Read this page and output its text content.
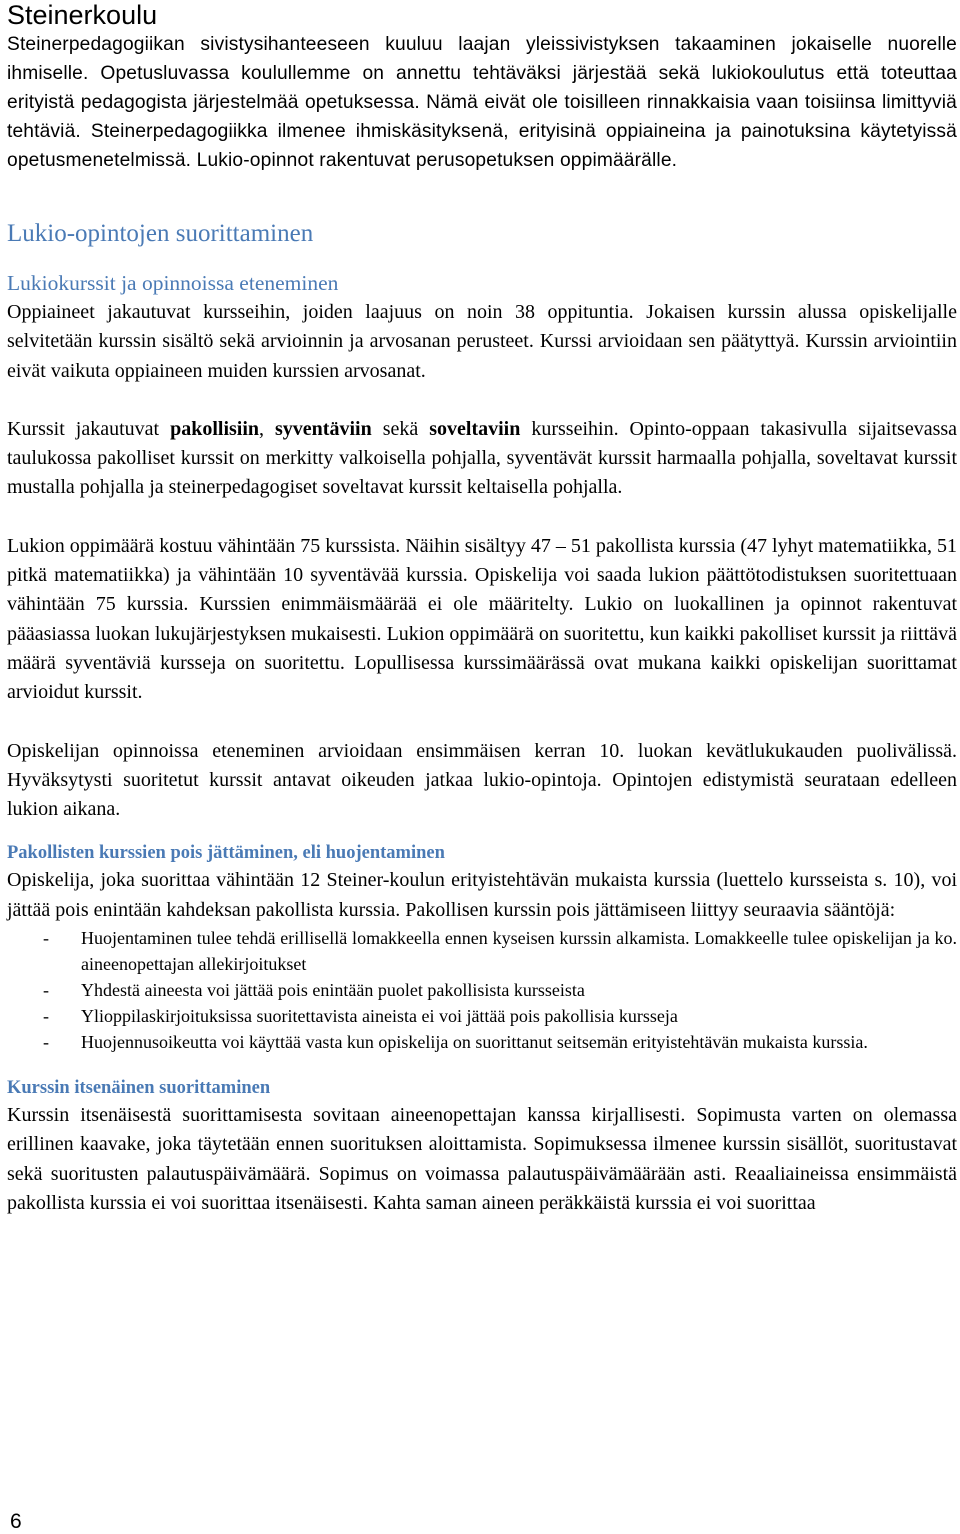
Steinerkoulu

Steinerpedagogiikan sivistysihanteeseen kuuluu laajan yleissivistyksen takaaminen jokaiselle nuorelle ihmiselle. Opetusluvassa koulullemme on annettu tehtäväksi järjestää sekä lukiokoulutus että toteuttaa erityistä pedagogista järjestelmää opetuksessa. Nämä eivät ole toisilleen rinnakkaisia vaan toisiinsa limittyviä tehtäviä. Steinerpedagogiikka ilmenee ihmiskäsityksenä, erityisinä oppiaineina ja painotuksina käytetyissä opetusmenetelmissä. Lukio-opinnot rakentuvat perusopetuksen oppimäärälle.

Lukio-opintojen suorittaminen
Lukiokurssit ja opinnoissa eteneminen

Oppiaineet jakautuvat kursseihin, joiden laajuus on noin 38 oppituntia. Jokaisen kurssin alussa opiskelijalle selvitetään kurssin sisältö sekä arvioinnin ja arvosanan perusteet. Kurssi arvioidaan sen päätyttyä. Kurssin arviointiin eivät vaikuta oppiaineen muiden kurssien arvosanat.

Kurssit jakautuvat pakollisiin, syventäviin sekä soveltaviin kursseihin. Opinto-oppaan takasivulla sijaitsevassa taulukossa pakolliset kurssit on merkitty valkoisella pohjalla, syventävät kurssit harmaalla pohjalla, soveltavat kurssit mustalla pohjalla ja steinerpedagogiset soveltavat kurssit keltaisella pohjalla.

Lukion oppimäärä kostuu vähintään 75 kurssista. Näihin sisältyy 47 – 51 pakollista kurssia (47 lyhyt matematiikka, 51 pitkä matematiikka) ja vähintään 10 syventävää kurssia. Opiskelija voi saada lukion päättötodistuksen suoritettuaan vähintään 75 kurssia. Kurssien enimmäismäärää ei ole määritelty. Lukio on luokallinen ja opinnot rakentuvat pääasiassa luokan lukujärjestyksen mukaisesti. Lukion oppimäärä on suoritettu, kun kaikki pakolliset kurssit ja riittävä määrä syventäviä kursseja on suoritettu. Lopullisessa kurssimäärässä ovat mukana kaikki opiskelijan suorittamat arvioidut kurssit.

Opiskelijan opinnoissa eteneminen arvioidaan ensimmäisen kerran 10. luokan kevätlukukauden puolivälissä. Hyväksytysti suoritetut kurssit antavat oikeuden jatkaa lukio-opintoja. Opintojen edistymistä seurataan edelleen lukion aikana.

Pakollisten kurssien pois jättäminen, eli huojentaminen

Opiskelija, joka suorittaa vähintään 12 Steiner-koulun erityistehtävän mukaista kurssia (luettelo kursseista s. 10), voi jättää pois enintään kahdeksan pakollista kurssia. Pakollisen kurssin pois jättämiseen liittyy seuraavia sääntöjä:

- Huojentaminen tulee tehdä erillisellä lomakkeella ennen kyseisen kurssin alkamista. Lomakkeelle tulee opiskelijan ja ko. aineenopettajan allekirjoitukset
- Yhdestä aineesta voi jättää pois enintään puolet pakollisista kursseista
- Ylioppilaskirjoituksissa suoritettavista aineista ei voi jättää pois pakollisia kursseja
- Huojennusoikeutta voi käyttää vasta kun opiskelija on suorittanut seitsemän erityistehtävän mukaista kurssia.
Kurssin itsenäinen suorittaminen

Kurssin itsenäisestä suorittamisesta sovitaan aineenopettajan kanssa kirjallisesti. Sopimusta varten on olemassa erillinen kaavake, joka täytetään ennen suorituksen aloittamista. Sopimuksessa ilmenee kurssin sisällöt, suoritustavat sekä suoritusten palautuspäivämäärä. Sopimus on voimassa palautuspäivämäärään asti. Reaaliaineissa ensimmäistä pakollista kurssia ei voi suorittaa itsenäisesti. Kahta saman aineen peräkkäistä kurssia ei voi suorittaa

6
